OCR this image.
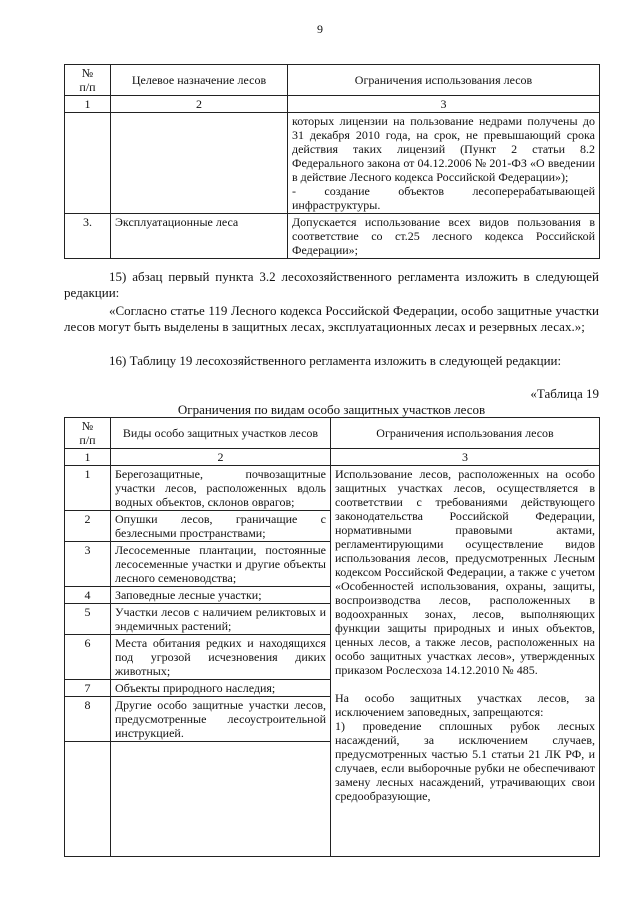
9
№
п/п	Целевое назначение лесов	Ограничения использования лесов
1	2	3
		которых лицензии на пользование недрами получены до 31 декабря 2010 года, на срок, не превышающий срока действия таких лицензий (Пункт 2 статьи 8.2 Федерального закона от 04.12.2006 № 201-ФЗ «О введении в действие Лесного кодекса Российской Федерации»);
- создание объектов лесоперерабатывающей инфраструктуры.
3.	Эксплуатационные леса	Допускается использование всех видов пользования в соответствие со ст.25 лесного кодекса Российской Федерации»;
15) абзац первый пункта 3.2 лесохозяйственного регламента изложить в следующей редакции:
«Согласно статье 119 Лесного кодекса Российской Федерации, особо защитные участки лесов могут быть выделены в защитных лесах, эксплуатационных лесах и резервных лесах.»;
16) Таблицу 19 лесохозяйственного регламента изложить в следующей редакции:
«Таблица 19
Ограничения по видам особо защитных участков лесов
№
п/п	Виды особо защитных участков лесов	Ограничения использования лесов
1	2	3
1	Берегозащитные, почвозащитные участки лесов, расположенных вдоль водных объектов, склонов оврагов;	Использование лесов, расположенных на особо защитных участках лесов, осуществляется в соответствии с требованиями действующего законодательства Российской Федерации, нормативными правовыми актами, регламентирующими осуществление видов использования лесов, предусмотренных Лесным кодексом Российской Федерации, а также с учетом «Особенностей использования, охраны, защиты, воспроизводства лесов, расположенных в водоохранных зонах, лесов, выполняющих функции защиты природных и иных объектов, ценных лесов, а также лесов, расположенных на особо защитных участках лесов», утвержденных приказом Рослесхоза 14.12.2010 № 485.

На особо защитных участках лесов, за исключением заповедных, запрещаются:
1) проведение сплошных рубок лесных насаждений, за исключением случаев, предусмотренных частью 5.1 статьи 21 ЛК РФ, и случаев, если выборочные рубки не обеспечивают замену лесных насаждений, утрачивающих свои средообразующие,
2	Опушки лесов, граничащие с безлесными пространствами;	
3	Лесосеменные плантации, постоянные лесосеменные участки и другие объекты лесного семеноводства;	
4	Заповедные лесные участки;	
5	Участки лесов с наличием реликтовых и эндемичных растений;	
6	Места обитания редких и находящихся под угрозой исчезновения диких животных;	
7	Объекты природного наследия;	
8	Другие особо защитные участки лесов, предусмотренные лесоустроительной инструкцией.	
